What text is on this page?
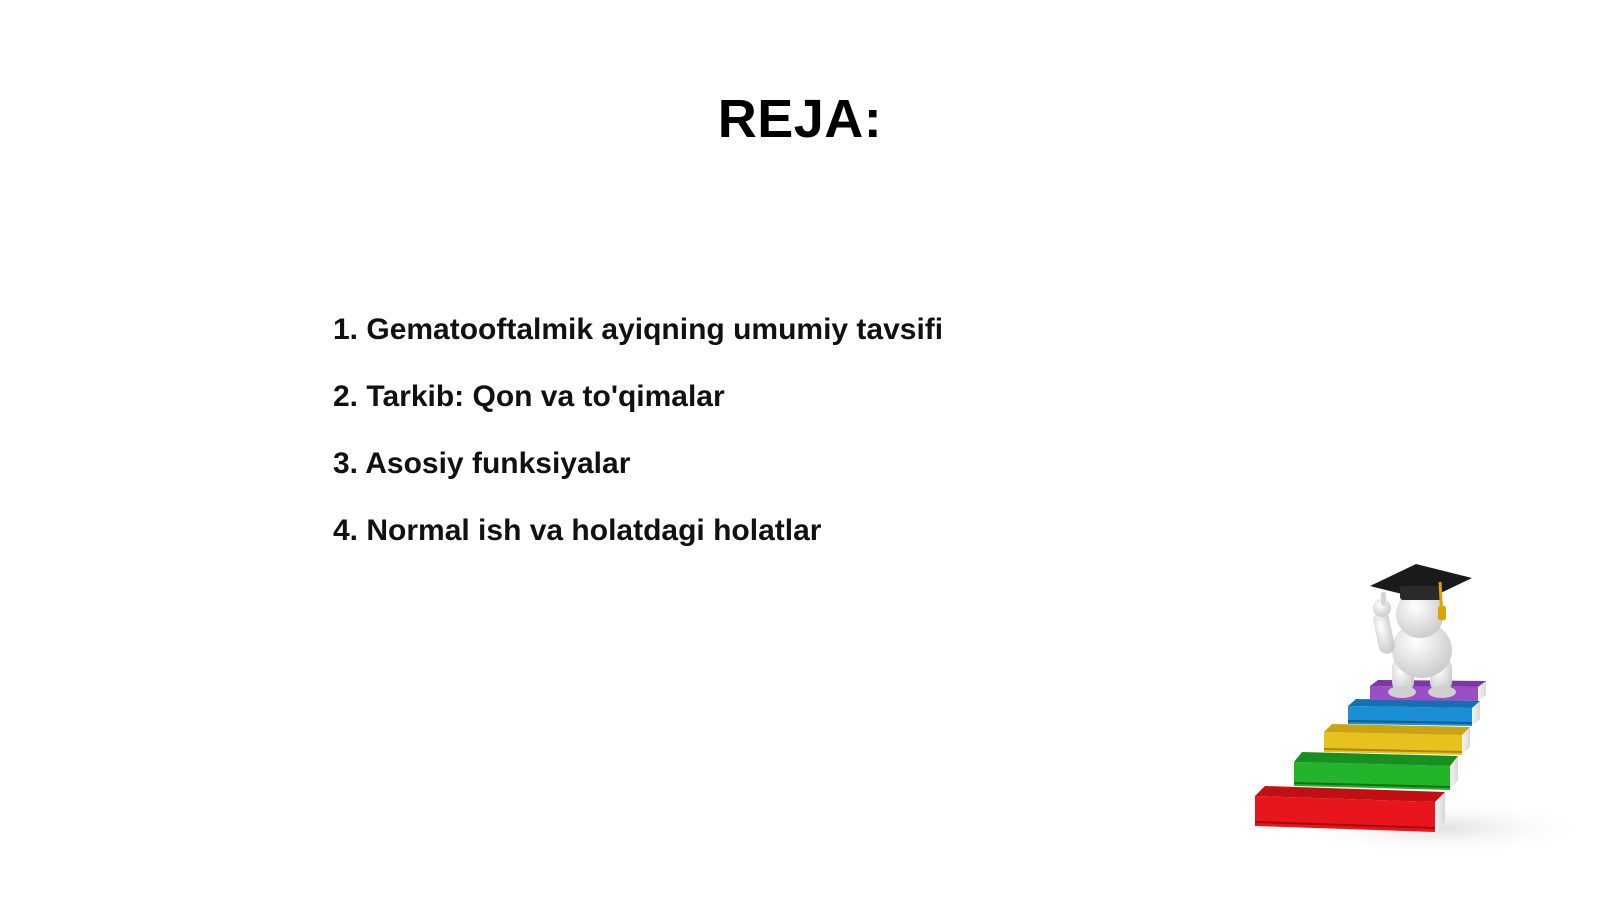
REJA:
1. Gematooftalmik ayiqning umumiy tavsifi
2. Tarkib: Qon va to'qimalar
3. Asosiy funksiyalar
4. Normal ish va holatdagi holatlar
